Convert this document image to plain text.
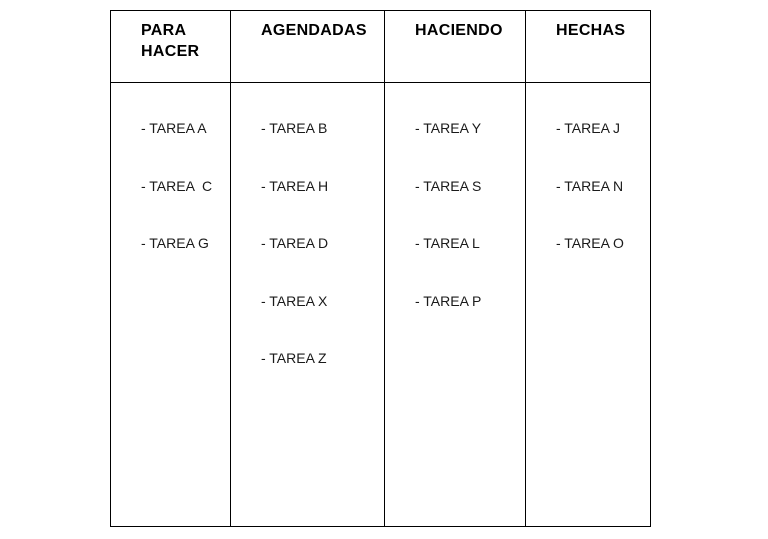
PARA
HACER
- TAREA A
- TAREA  C
- TAREA G
AGENDADAS
- TAREA B
- TAREA H
- TAREA D
- TAREA X
- TAREA Z
HACIENDO
- TAREA Y
- TAREA S
- TAREA L
- TAREA P
HECHAS
- TAREA J
- TAREA N
- TAREA O
